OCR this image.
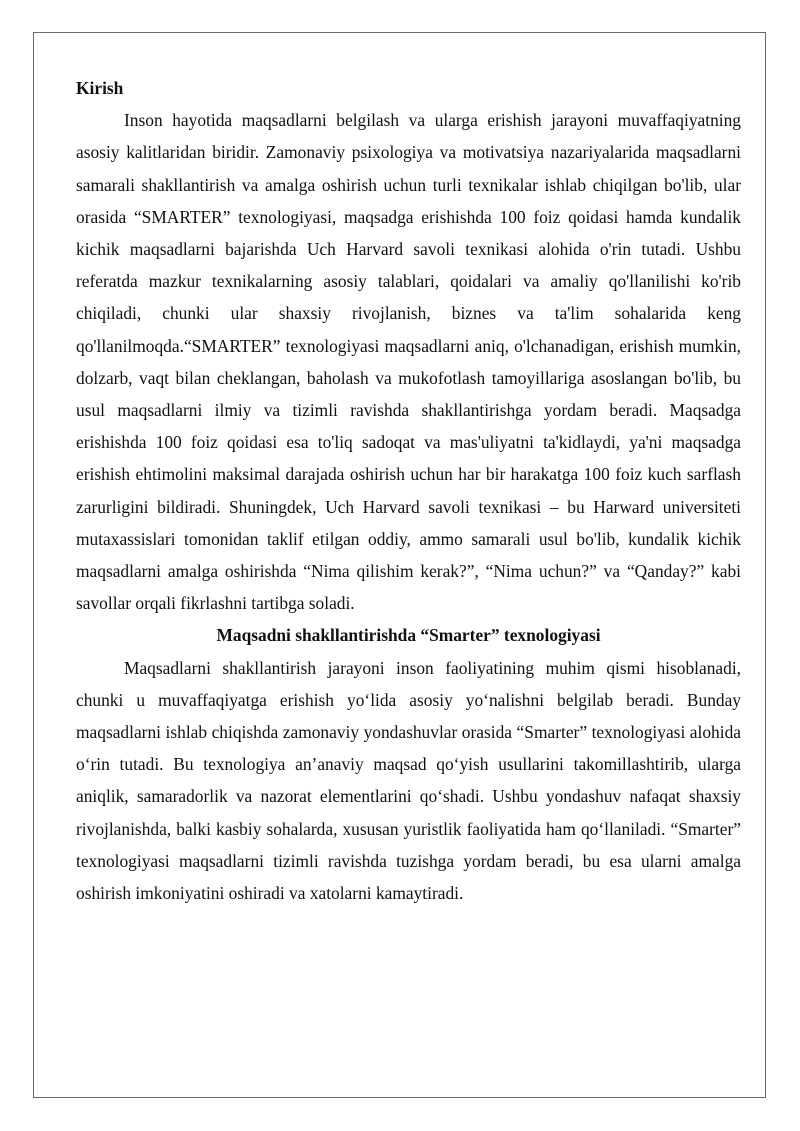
Kirish

Inson hayotida maqsadlarni belgilash va ularga erishish jarayoni muvaffaqiyatning asosiy kalitlaridan biridir. Zamonaviy psixologiya va motivatsiya nazariyalarida maqsadlarni samarali shakllantirish va amalga oshirish uchun turli texnikalar ishlab chiqilgan bo'lib, ular orasida “SMARTER” texnologiyasi, maqsadga erishishda 100 foiz qoidasi hamda kundalik kichik maqsadlarni bajarishda Uch Harvard savoli texnikasi alohida o'rin tutadi. Ushbu referatda mazkur texnikalarning asosiy talablari, qoidalari va amaliy qo'llanilishi ko'rib chiqiladi, chunki ular shaxsiy rivojlanish, biznes va ta'lim sohalarida keng qo'llanilmoqda.“SMARTER” texnologiyasi maqsadlarni aniq, o'lchanadigan, erishish mumkin, dolzarb, vaqt bilan cheklangan, baholash va mukofotlash tamoyillariga asoslangan bo'lib, bu usul maqsadlarni ilmiy va tizimli ravishda shakllantirishga yordam beradi. Maqsadga erishishda 100 foiz qoidasi esa to'liq sadoqat va mas'uliyatni ta'kidlaydi, ya'ni maqsadga erishish ehtimolini maksimal darajada oshirish uchun har bir harakatga 100 foiz kuch sarflash zarurligini bildiradi. Shuningdek, Uch Harvard savoli texnikasi – bu Harward universiteti mutaxassislari tomonidan taklif etilgan oddiy, ammo samarali usul bo'lib, kundalik kichik maqsadlarni amalga oshirishda “Nima qilishim kerak?”, “Nima uchun?” va “Qanday?” kabi savollar orqali fikrlashni tartibga soladi.

Maqsadni shakllantirishda “Smarter” texnologiyasi

Maqsadlarni shakllantirish jarayoni inson faoliyatining muhim qismi hisoblanadi, chunki u muvaffaqiyatga erishish yo‘lida asosiy yo‘nalishni belgilab beradi. Bunday maqsadlarni ishlab chiqishda zamonaviy yondashuvlar orasida “Smarter” texnologiyasi alohida o‘rin tutadi. Bu texnologiya an’anaviy maqsad qo‘yish usullarini takomillashtirib, ularga aniqlik, samaradorlik va nazorat elementlarini qo‘shadi. Ushbu yondashuv nafaqat shaxsiy rivojlanishda, balki kasbiy sohalarda, xususan yuristlik faoliyatida ham qo‘llaniladi. “Smarter” texnologiyasi maqsadlarni tizimli ravishda tuzishga yordam beradi, bu esa ularni amalga oshirish imkoniyatini oshiradi va xatolarni kamaytiradi.
